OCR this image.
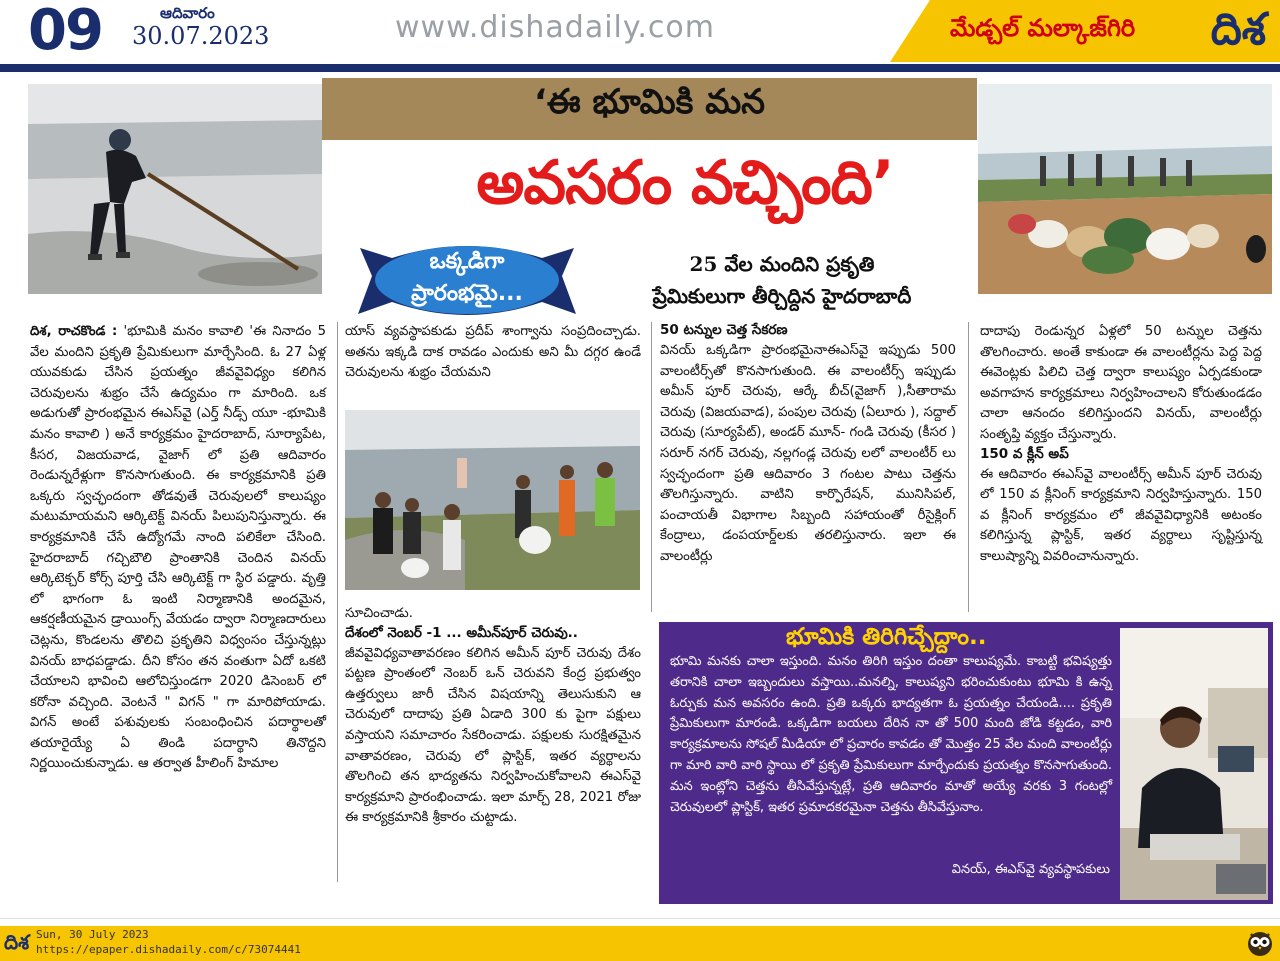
09	ఆదివారం
30.07.2023	www.dishadaily.com	మేడ్చల్ మల్కాజ్‌గిరి దిశ
‘ఈ భూమికి మన
అవసరం వచ్చింది’
ఒక్కడిగా
ప్రారంభమై...
25 వేల మందిని ప్రకృతి
ప్రేమికులుగా తీర్చిద్దిన హైదరాబాదీ
దిశ, రాచకొండ : 'భూమికి మనం కావాలి 'ఈ నినాదం 5 వేల మందిని ప్రకృతి ప్రేమికులుగా మార్చేసింది. ఓ 27 ఏళ్ల యువకుడు చేసిన ప్రయత్నం జీవవైవిధ్యం కలిగిన చెరువులను శుభ్రం చేసే ఉద్యమం గా మారింది. ఒక అడుగుతో ప్రారంభమైన ఈఎస్‌వై (ఎర్త్ నీడ్స్ యూ -భూమికి మనం కావాలి ) అనే కార్యక్రమం హైదరాబాద్, సూర్యాపేట, కీసర, విజయవాడ, వైజాగ్ లో ప్రతి ఆదివారం రెండున్నరేళ్లుగా కొనసాగుతుంది. ఈ కార్యక్రమానికి ప్రతి ఒక్కరు స్వచ్ఛందంగా తోడవుతే చెరువులలో కాలుష్యం మటుమాయమని ఆర్కిటెక్ట్ వినయ్ పిలుపునిస్తున్నారు. ఈ కార్యక్రమానికి చేసే ఉద్యోగమే నాంది పలికేలా చేసింది. హైదరాబాద్ గచ్చిబౌలి ప్రాంతానికి చెందిన వినయ్ ఆర్కిటెక్చర్ కోర్స్ పూర్తి చేసి ఆర్కిటెక్ట్ గా స్థిర పడ్డారు. వృత్తి లో భాగంగా ఓ ఇంటి నిర్మాణానికి అందమైన, ఆకర్షణీయమైన డ్రాయింగ్స్ వేయడం ద్వారా నిర్మాణదారులు చెట్లను, కొండలను తొలిచి ప్రకృతిని విధ్వంసం చేస్తున్నట్లు వినయ్ బాధపడ్డాడు. దీని కోసం తన వంతుగా ఏదో ఒకటి చేయాలని భావించి ఆలోచిస్తుండగా 2020 డిసెంబర్ లో కరోనా వచ్చింది. వెంటనే " విగన్ " గా మారిపోయాడు. విగన్ అంటే పశువులకు సంబంధించిన పదార్థాలతో తయారైయ్యే ఏ తిండి పదార్థాని తినొద్దని నిర్ణయించుకున్నాడు. ఆ తర్వాత హీలింగ్ హిమాల
యాస్ వ్యవస్థాపకుడు ప్రదీప్ శాంగ్వాను సంప్రదించ్చాడు. అతను ఇక్కడి దాక రావడం ఎందుకు అని మీ దగ్గర ఉండే చెరువులను శుభ్రం చేయమని
సూచించాడు.
దేశంలో నెంబర్ -1 ... అమీన్‌పూర్ చెరువు..
జీవవైవిధ్యవాతావరణం కలిగిన అమీన్ పూర్ చెరువు దేశం పట్టణ ప్రాంతంలో నెంబర్ ఒన్ చెరువని కేంద్ర ప్రభుత్వం ఉత్తర్వులు జారీ చేసిన విషయాన్ని తెలుసుకుని ఆ చెరువులో దాదాపు ప్రతి ఏడాది 300 కు పైగా పక్షులు వస్తాయని సమాచారం సేకరించాడు. పక్షులకు సురక్షితమైన వాతావరణం, చెరువు లో ప్లాస్టిక్, ఇతర వ్యర్థాలను తొలగించి తన భాద్యతను నిర్వహించుకోవాలని ఈఎస్‌వై కార్యక్రమాని ప్రారంభించాడు. ఇలా మార్చ్ 28, 2021 రోజు ఈ కార్యక్రమానికి శ్రీకారం చుట్టాడు.
50 టన్నుల చెత్త సేకరణ
వినయ్ ఒక్కడిగా ప్రారంభమైనాఈఎస్‌వై ఇప్పుడు 500 వాలంటీర్స్‌తో కొనసాగుతుంది. ఈ వాలంటీర్స్ ఇప్పుడు అమీన్ పూర్ చెరువు, ఆర్కే బీచ్(వైజాగ్ ),సీతారామ చెరువు (విజయవాడ), పంపుల చెరువు (ఏలూరు ), సద్దాల్ చెరువు (సూర్యపేట్), అండర్ మూన్- గండి చెరువు (కీసర ) సరూర్ నగర్ చెరువు, నల్లగండ్ల చెరువు లలో వాలంటీర్ లు స్వచ్ఛందంగా ప్రతి ఆదివారం 3 గంటల పాటు చెత్తను తొలగిస్తున్నారు. వాటిని కార్పొరేషన్, మునిసిపల్, పంచాయతీ విభాగాల సిబ్బంది సహాయంతో రీసైక్లింగ్ కేంద్రాలు, డంపయార్డ్‌లకు తరలిస్తునారు. ఇలా ఈ వాలంటీర్లు
దాదాపు రెండున్నర ఏళ్లలో 50 టన్నుల చెత్తను తొలగించారు. అంతే కాకుండా ఈ వాలంటీర్లను పెద్ద పెద్ద ఈవెంట్లకు పిలిచి చెత్త ద్వారా కాలుష్యం ఏర్పడకుండా అవగాహన కార్యక్రమాలు నిర్వహించాలని కోరుతుండడం చాలా ఆనందం కలిగిస్తుందని వినయ్, వాలంటీర్లు సంతృప్తి వ్యక్తం చేస్తున్నారు.
150 వ క్లీన్ అప్
ఈ ఆదివారం ఈఎస్‌వై వాలంటీర్స్ అమీన్ పూర్ చెరువు లో 150 వ క్లీనింగ్ కార్యక్రమాని నిర్వహిస్తున్నారు. 150 వ క్లీనింగ్ కార్యక్రమం లో జీవవైవిధ్యానికి అటంకం కలిగిస్తున్న ప్లాస్టిక్, ఇతర వ్యర్థాలు సృష్టిస్తున్న కాలుష్యాన్ని వివరించానున్నారు.
భూమికి తిరిగిచ్చేద్దాం..
భూమి మనకు చాలా ఇస్తుంది. మనం తిరిగి ఇస్తుం దంతా కాలుష్యమే. కాబట్టి భవిష్యత్తు తరానికి చాలా ఇబ్బందులు వస్తాయి..మనల్ని, కాలుష్యని భరించుకుంటు భూమి కి ఉన్న ఓర్పుకు మన అవసరం ఉంది. ప్రతి ఒక్కరు భాద్యతగా ఓ ప్రయత్నం చేయండి.... ప్రకృతి ప్రేమికులుగా మారండి. ఒక్కడిగా బయలు దేరిన నా తో 500 మంది జోడి కట్టడం, వారి కార్యక్రమాలను సోషల్ మీడియా లో ప్రచారం కావడం తో మొత్తం 25 వేల మంది వాలంటీర్లు గా మారి వారి వారి స్థాయి లో ప్రకృతి ప్రేమికులుగా మార్చేందుకు ప్రయత్నం కొనసాగుతుంది. మన ఇంట్లోని చెత్తను తీసివేస్తున్నట్లే, ప్రతి ఆదివారం మాతో అయ్యే వరకు 3 గంటల్లో చెరువులలో ప్లాస్టిక్, ఇతర ప్రమాదకరమైనా చెత్తను తీసివేస్తునాం.
వినయ్, ఈఎస్‌వై వ్యవస్థాపకులు
దిశ Sun, 30 July 2023
https://epaper.dishadaily.com/c/73074441
